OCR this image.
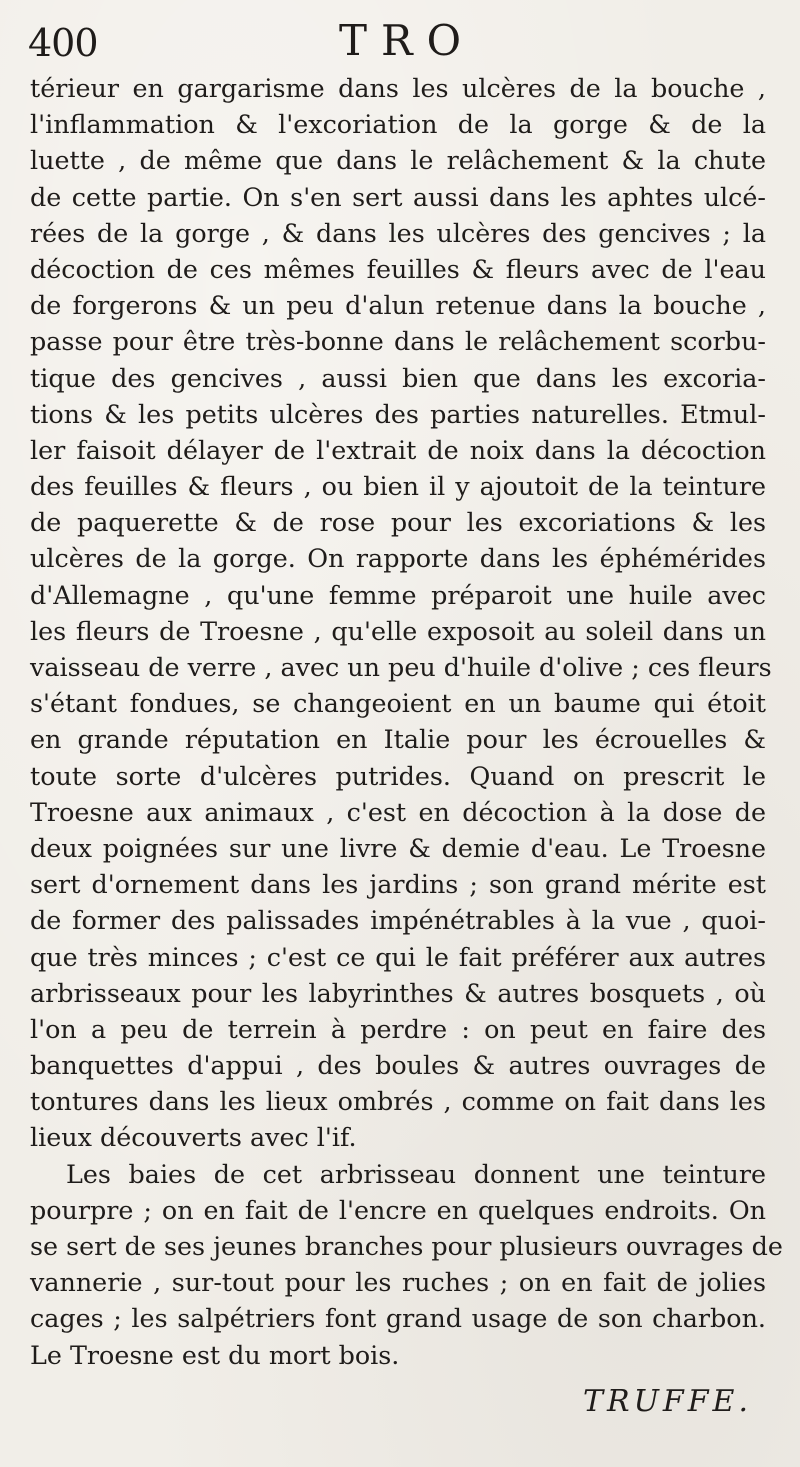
400	TRO
térieur en gargarisme dans les ulcères de la bouche ,
l'inflammation & l'excoriation de la gorge & de la
luette , de même que dans le relâchement & la chute
de cette partie. On s'en sert aussi dans les aphtes ulcé-
rées de la gorge , & dans les ulcères des gencives ; la
décoction de ces mêmes feuilles & fleurs avec de l'eau
de forgerons & un peu d'alun retenue dans la bouche ,
passe pour être très-bonne dans le relâchement scorbu-
tique des gencives , aussi bien que dans les excoria-
tions & les petits ulcères des parties naturelles. Etmul-
ler faisoit délayer de l'extrait de noix dans la décoction
des feuilles & fleurs , ou bien il y ajoutoit de la teinture
de paquerette & de rose pour les excoriations & les
ulcères de la gorge. On rapporte dans les éphémérides
d'Allemagne , qu'une femme préparoit une huile avec
les fleurs de Troesne , qu'elle exposoit au soleil dans un
vaisseau de verre , avec un peu d'huile d'olive ; ces fleurs
s'étant fondues, se changeoient en un baume qui étoit
en grande réputation en Italie pour les écrouelles &
toute sorte d'ulcères putrides. Quand on prescrit le
Troesne aux animaux , c'est en décoction à la dose de
deux poignées sur une livre & demie d'eau. Le Troesne
sert d'ornement dans les jardins ; son grand mérite est
de former des palissades impénétrables à la vue , quoi-
que très minces ; c'est ce qui le fait préférer aux autres
arbrisseaux pour les labyrinthes & autres bosquets , où
l'on a peu de terrein à perdre : on peut en faire des
banquettes d'appui , des boules & autres ouvrages de
tontures dans les lieux ombrés , comme on fait dans les
lieux découverts avec l'if.
Les baies de cet arbrisseau donnent une teinture
pourpre ; on en fait de l'encre en quelques endroits. On
se sert de ses jeunes branches pour plusieurs ouvrages de
vannerie , sur-tout pour les ruches ; on en fait de jolies
cages ; les salpétriers font grand usage de son charbon.
Le Troesne est du mort bois.
TRUFFE.
